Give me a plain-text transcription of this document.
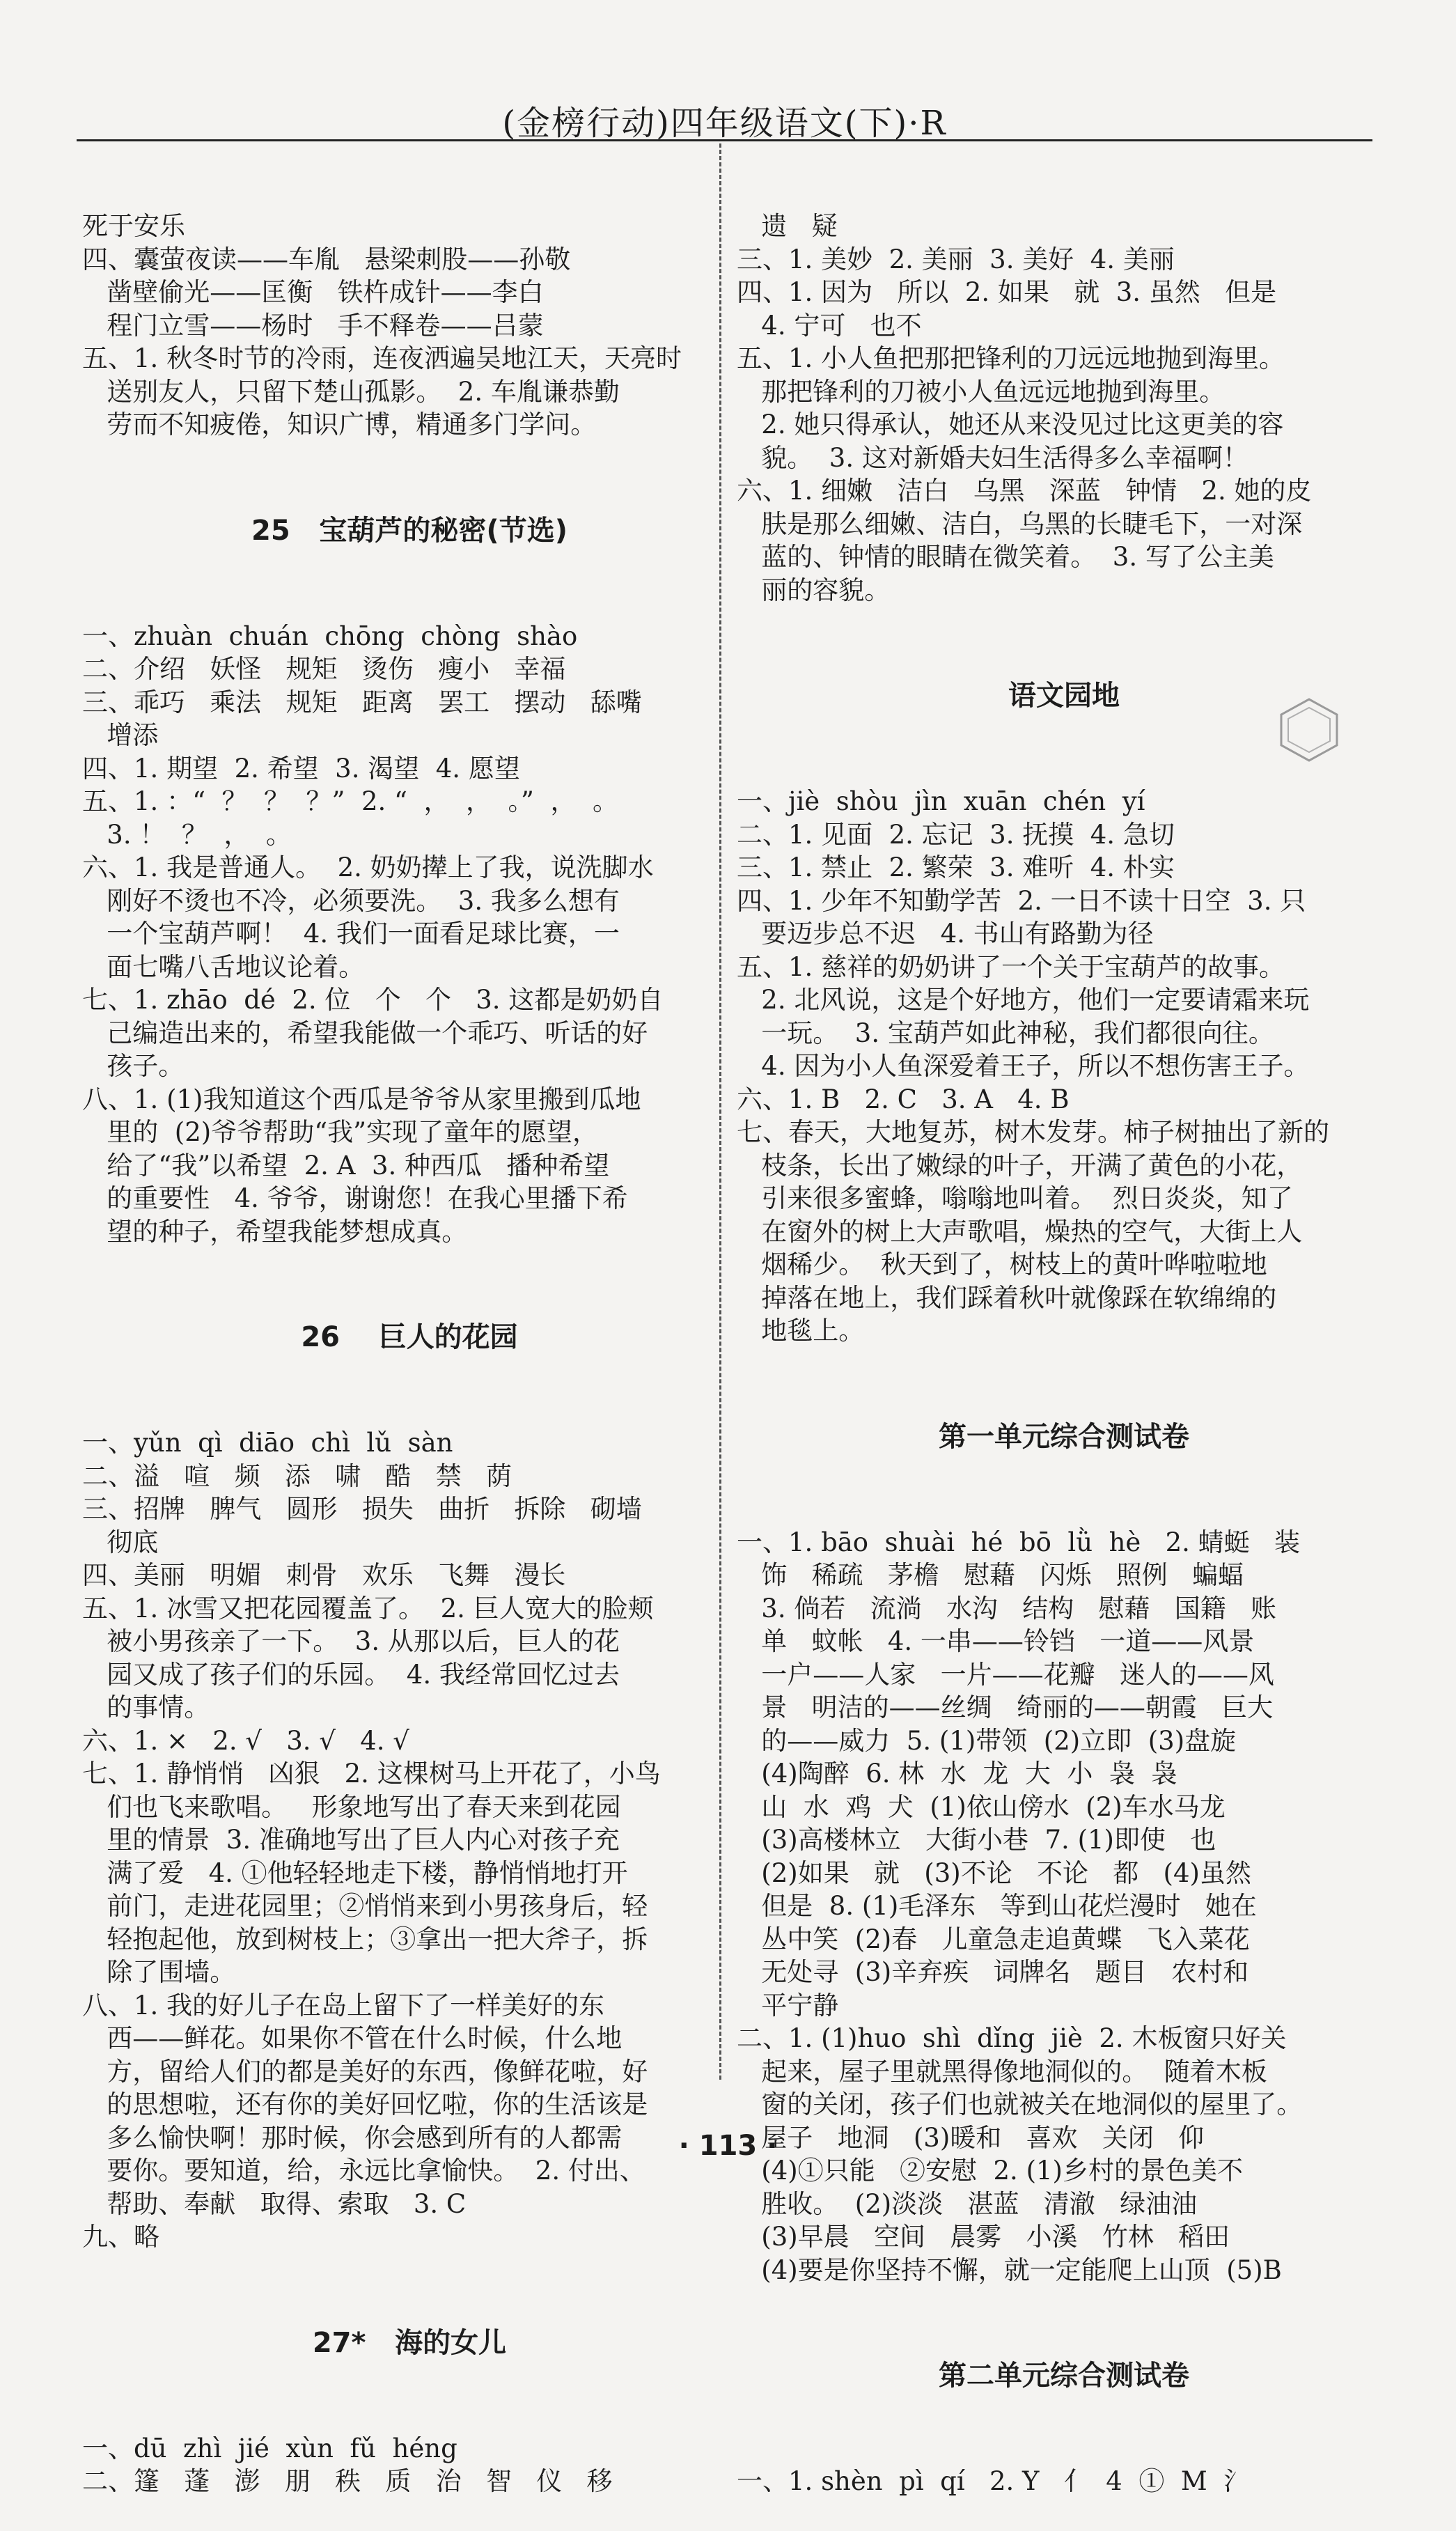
(金榜行动)四年级语文(下)·R

死于安乐
四、囊萤夜读——车胤   悬梁刺股——孙敬
凿壁偷光——匡衡   铁杵成针——李白
程门立雪——杨时   手不释卷——吕蒙
五、1. 秋冬时节的冷雨，连夜洒遍吴地江天，天亮时
送别友人，只留下楚山孤影。  2. 车胤谦恭勤
劳而不知疲倦，知识广博，精通多门学问。

25   宝葫芦的秘密(节选)

一、zhuàn  chuán  chōng  chòng  shào
二、介绍   妖怪   规矩   烫伤   瘦小   幸福
三、乖巧   乘法   规矩   距离   罢工   摆动   舔嘴
增添
四、1. 期望  2. 希望  3. 渴望  4. 愿望
五、1. ：“  ？  ？  ？”  2. “  ，  ，  。”  ，  。
3. ！  ？  ，  。
六、1. 我是普通人。  2. 奶奶撵上了我，说洗脚水
刚好不烫也不冷，必须要洗。  3. 我多么想有
一个宝葫芦啊！  4. 我们一面看足球比赛，一
面七嘴八舌地议论着。
七、1. zhāo  dé  2. 位   个   个   3. 这都是奶奶自
己编造出来的，希望我能做一个乖巧、听话的好
孩子。
八、1. (1)我知道这个西瓜是爷爷从家里搬到瓜地
里的  (2)爷爷帮助“我”实现了童年的愿望，
给了“我”以希望  2. A  3. 种西瓜   播种希望
的重要性   4. 爷爷，谢谢您！在我心里播下希
望的种子，希望我能梦想成真。

26    巨人的花园

一、yǔn  qì  diāo  chì  lǔ  sàn
二、溢   喧   频   添   啸   酷   禁   荫
三、招牌   脾气   圆形   损失   曲折   拆除   砌墙
彻底
四、美丽   明媚   刺骨   欢乐   飞舞   漫长
五、1. 冰雪又把花园覆盖了。  2. 巨人宽大的脸颊
被小男孩亲了一下。  3. 从那以后，巨人的花
园又成了孩子们的乐园。  4. 我经常回忆过去
的事情。
六、1. ×   2. √   3. √   4. √
七、1. 静悄悄   凶狠   2. 这棵树马上开花了，小鸟
们也飞来歌唱。   形象地写出了春天来到花园
里的情景  3. 准确地写出了巨人内心对孩子充
满了爱   4. ①他轻轻地走下楼，静悄悄地打开
前门，走进花园里；②悄悄来到小男孩身后，轻
轻抱起他，放到树枝上；③拿出一把大斧子，拆
除了围墙。
八、1. 我的好儿子在岛上留下了一样美好的东
西——鲜花。如果你不管在什么时候，什么地
方，留给人们的都是美好的东西，像鲜花啦，好
的思想啦，还有你的美好回忆啦，你的生活该是
多么愉快啊！那时候，你会感到所有的人都需
要你。要知道，给，永远比拿愉快。  2. 付出、
帮助、奉献   取得、索取   3. C
九、略

27*   海的女儿

一、dū  zhì  jié  xùn  fǔ  héng
二、篷   蓬   澎   朋   秩   质   治   智   仪   移

遗   疑
三、1. 美妙  2. 美丽  3. 美好  4. 美丽
四、1. 因为   所以  2. 如果   就  3. 虽然   但是
4. 宁可   也不
五、1. 小人鱼把那把锋利的刀远远地抛到海里。
那把锋利的刀被小人鱼远远地抛到海里。
2. 她只得承认，她还从来没见过比这更美的容
貌。  3. 这对新婚夫妇生活得多么幸福啊！
六、1. 细嫩   洁白   乌黑   深蓝   钟情   2. 她的皮
肤是那么细嫩、洁白，乌黑的长睫毛下，一对深
蓝的、钟情的眼睛在微笑着。  3. 写了公主美
丽的容貌。

语文园地

一、jiè  shòu  jìn  xuān  chén  yí
二、1. 见面  2. 忘记  3. 抚摸  4. 急切
三、1. 禁止  2. 繁荣  3. 难听  4. 朴实
四、1. 少年不知勤学苦  2. 一日不读十日空  3. 只
要迈步总不迟   4. 书山有路勤为径
五、1. 慈祥的奶奶讲了一个关于宝葫芦的故事。
2. 北风说，这是个好地方，他们一定要请霜来玩
一玩。  3. 宝葫芦如此神秘，我们都很向往。
4. 因为小人鱼深爱着王子，所以不想伤害王子。
六、1. B   2. C   3. A   4. B
七、春天，大地复苏，树木发芽。柿子树抽出了新的
枝条，长出了嫩绿的叶子，开满了黄色的小花，
引来很多蜜蜂，嗡嗡地叫着。  烈日炎炎，知了
在窗外的树上大声歌唱，燥热的空气，大街上人
烟稀少。  秋天到了，树枝上的黄叶哗啦啦地
掉落在地上，我们踩着秋叶就像踩在软绵绵的
地毯上。

第一单元综合测试卷

一、1. bāo  shuài  hé  bō  lǜ  hè   2. 蜻蜓   装
饰   稀疏   茅檐   慰藉   闪烁   照例   蝙蝠
3. 倘若   流淌   水沟   结构   慰藉   国籍   账
单   蚊帐   4. 一串——铃铛   一道——风景
一户——人家   一片——花瓣   迷人的——风
景   明洁的——丝绸   绮丽的——朝霞   巨大
的——威力  5. (1)带领  (2)立即  (3)盘旋
(4)陶醉  6. 林  水  龙  大  小  袅  袅
山  水  鸡  犬  (1)依山傍水  (2)车水马龙
(3)高楼林立   大街小巷  7. (1)即使   也
(2)如果   就   (3)不论   不论   都   (4)虽然
但是  8. (1)毛泽东   等到山花烂漫时   她在
丛中笑  (2)春   儿童急走追黄蝶   飞入菜花
无处寻  (3)辛弃疾   词牌名   题目   农村和
平宁静
二、1. (1)huo  shì  dǐng  jiè  2. 木板窗只好关
起来，屋子里就黑得像地洞似的。  随着木板
窗的关闭，孩子们也就被关在地洞似的屋里了。
屋子   地洞   (3)暖和   喜欢   关闭   仰
(4)①只能   ②安慰  2. (1)乡村的景色美不
胜收。  (2)淡淡   湛蓝   清澈   绿油油
(3)早晨   空间   晨雾   小溪   竹林   稻田
(4)要是你坚持不懈，就一定能爬上山顶  (5)B

第二单元综合测试卷

一、1. shèn  pì  qí   2. Y   亻  4  ①  M  氵

· 113 ·
